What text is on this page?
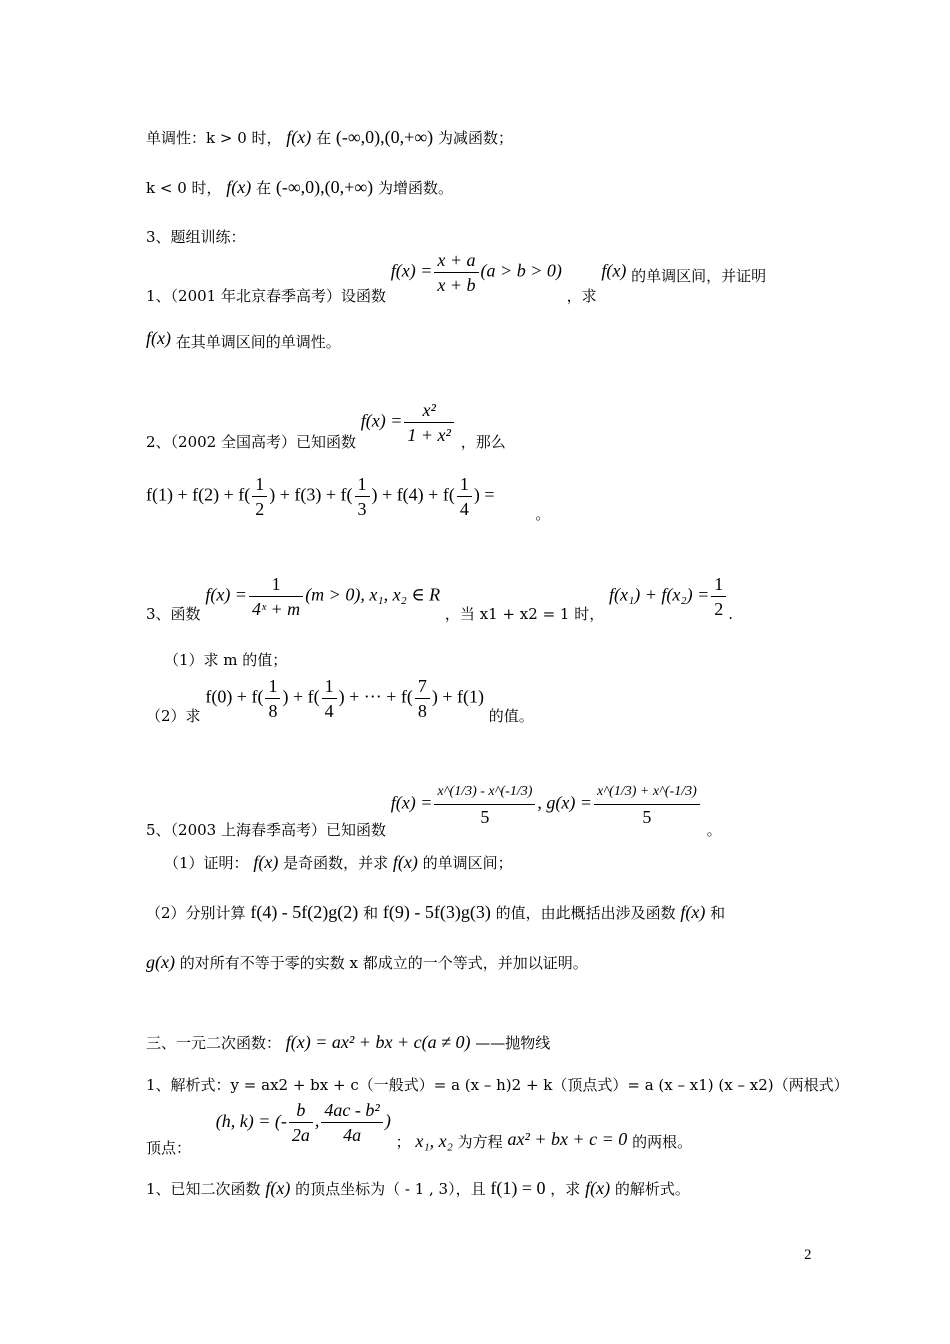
单调性：k > 0 时， f(x) 在 (-∞,0),(0,+∞) 为减函数；
k < 0 时， f(x) 在 (-∞,0),(0,+∞) 为增函数。
3、题组训练：
1、（2001 年北京春季高考）设函数 $f(x) = \frac{x + a}{x + b} (a > b > 0)$ ，求 f(x) 的单调区间，并证明
f(x) 在其单调区间的单调性。
2、（2002 全国高考）已知函数 $f(x) = \frac{\text{x²}}{\text{1 + x²}}$ ，那么
$f(1) + f(2) + f( \frac{1}{2}$ ) + $f(3) + f( \frac{1}{3}$ ) + $f(4) + f( \frac{1}{4}$ ) = 。
3、函数 $f(x) = \frac{1}{\text{4ˣ + m}} (m > 0)$, x₁, x₂ ∈ R ，当 x1 + x2 = 1 时， $f(x_1) + f(x_2) = \frac{1}{2}$ .
（1）求 m 的值；
（2）求 $f(0) + f( \frac{1}{8}$ ) + $f( \frac{1}{4}$ ) + ··· + $f( \frac{7}{8}$ ) + f(1) 的值。
5、（2003 上海春季高考）已知函数 $f(x) = \frac{x\^{}(1/3) - x\^{}(-1/3)}{5}$ , $g(x) = \frac{x\^{}(1/3) + x\^{}(-1/3)}{5}$
。
（1）证明： f(x) 是奇函数，并求 f(x) 的单调区间；
（2）分别计算 f(4) - 5f(2)g(2) 和 f(9) - 5f(3)g(3) 的值，由此概括出涉及函数 f(x) 和
g(x) 的对所有不等于零的实数 x 都成立的一个等式，并加以证明。
三、一元二次函数： f(x) = ax² + bx + c(a ≠ 0) ——抛物线
1、解析式：y = ax2 + bx + c（一般式）= a (x – h)2 + k（顶点式）= a (x – x1) (x – x2)（两根式）
顶点： (h, k) = (- $\frac{b}{2a}$ , $\frac{\text{4ac - b²}}{4a}$ ) ； x₁, x₂ 为方程 ax² + bx + c = 0 的两根。
1、已知二次函数 f(x) 的顶点坐标为（ - 1 , 3），且 f(1) = 0 ，求 f(x) 的解析式。
2
